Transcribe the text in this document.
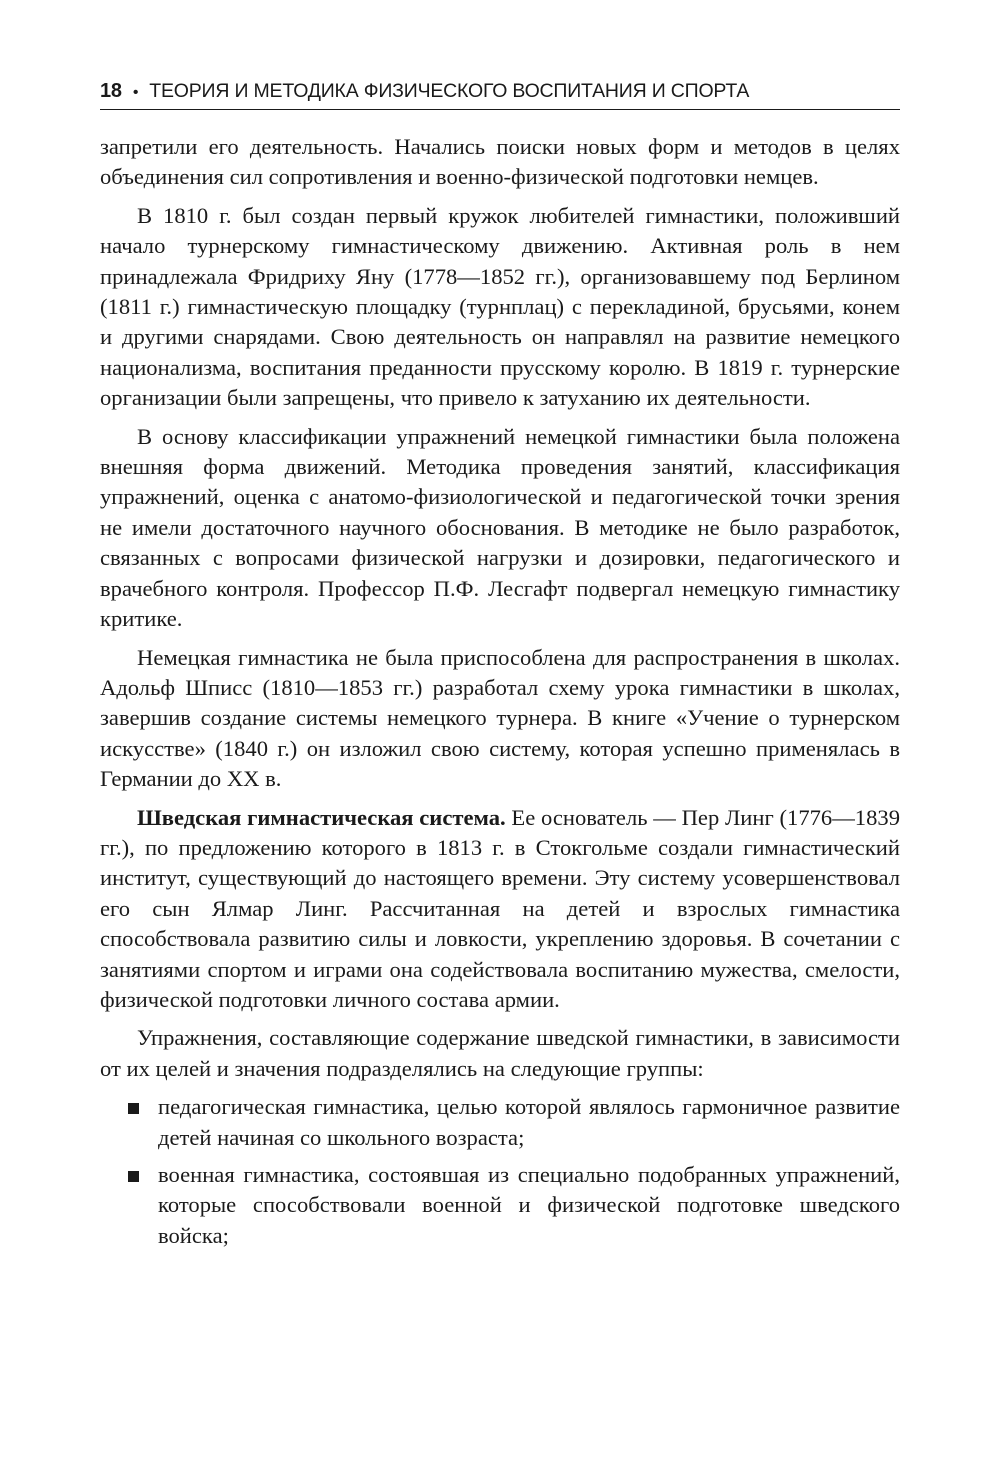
18 • ТЕОРИЯ И МЕТОДИКА ФИЗИЧЕСКОГО ВОСПИТАНИЯ И СПОРТА

запретили его деятельность. Начались поиски новых форм и методов в целях объединения сил сопротивления и военно-физической подготовки немцев.

В 1810 г. был создан первый кружок любителей гимнастики, положивший начало турнерскому гимнастическому движению. Активная роль в нем принадлежала Фридриху Яну (1778—1852 гг.), организовавшему под Берлином (1811 г.) гимнастическую площадку (турнплац) с перекладиной, брусьями, конем и другими снарядами. Свою деятельность он направлял на развитие немецкого национализма, воспитания преданности прусскому королю. В 1819 г. турнерские организации были запрещены, что привело к затуханию их деятельности.

В основу классификации упражнений немецкой гимнастики была положена внешняя форма движений. Методика проведения занятий, классификация упражнений, оценка с анатомо-физиологической и педагогической точки зрения не имели достаточного научного обоснования. В методике не было разработок, связанных с вопросами физической нагрузки и дозировки, педагогического и врачебного контроля. Профессор П.Ф. Лесгафт подвергал немецкую гимнастику критике.

Немецкая гимнастика не была приспособлена для распространения в школах. Адольф Шписс (1810—1853 гг.) разработал схему урока гимнастики в школах, завершив создание системы немецкого турнера. В книге «Учение о турнерском искусстве» (1840 г.) он изложил свою систему, которая успешно применялась в Германии до XX в.

Шведская гимнастическая система. Ее основатель — Пер Линг (1776—1839 гг.), по предложению которого в 1813 г. в Стокгольме создали гимнастический институт, существующий до настоящего времени. Эту систему усовершенствовал его сын Ялмар Линг. Рассчитанная на детей и взрослых гимнастика способствовала развитию силы и ловкости, укреплению здоровья. В сочетании с занятиями спортом и играми она содействовала воспитанию мужества, смелости, физической подготовки личного состава армии.

Упражнения, составляющие содержание шведской гимнастики, в зависимости от их целей и значения подразделялись на следующие группы:

педагогическая гимнастика, целью которой являлось гармоничное развитие детей начиная со школьного возраста;
военная гимнастика, состоявшая из специально подобранных упражнений, которые способствовали военной и физической подготовке шведского войска;
